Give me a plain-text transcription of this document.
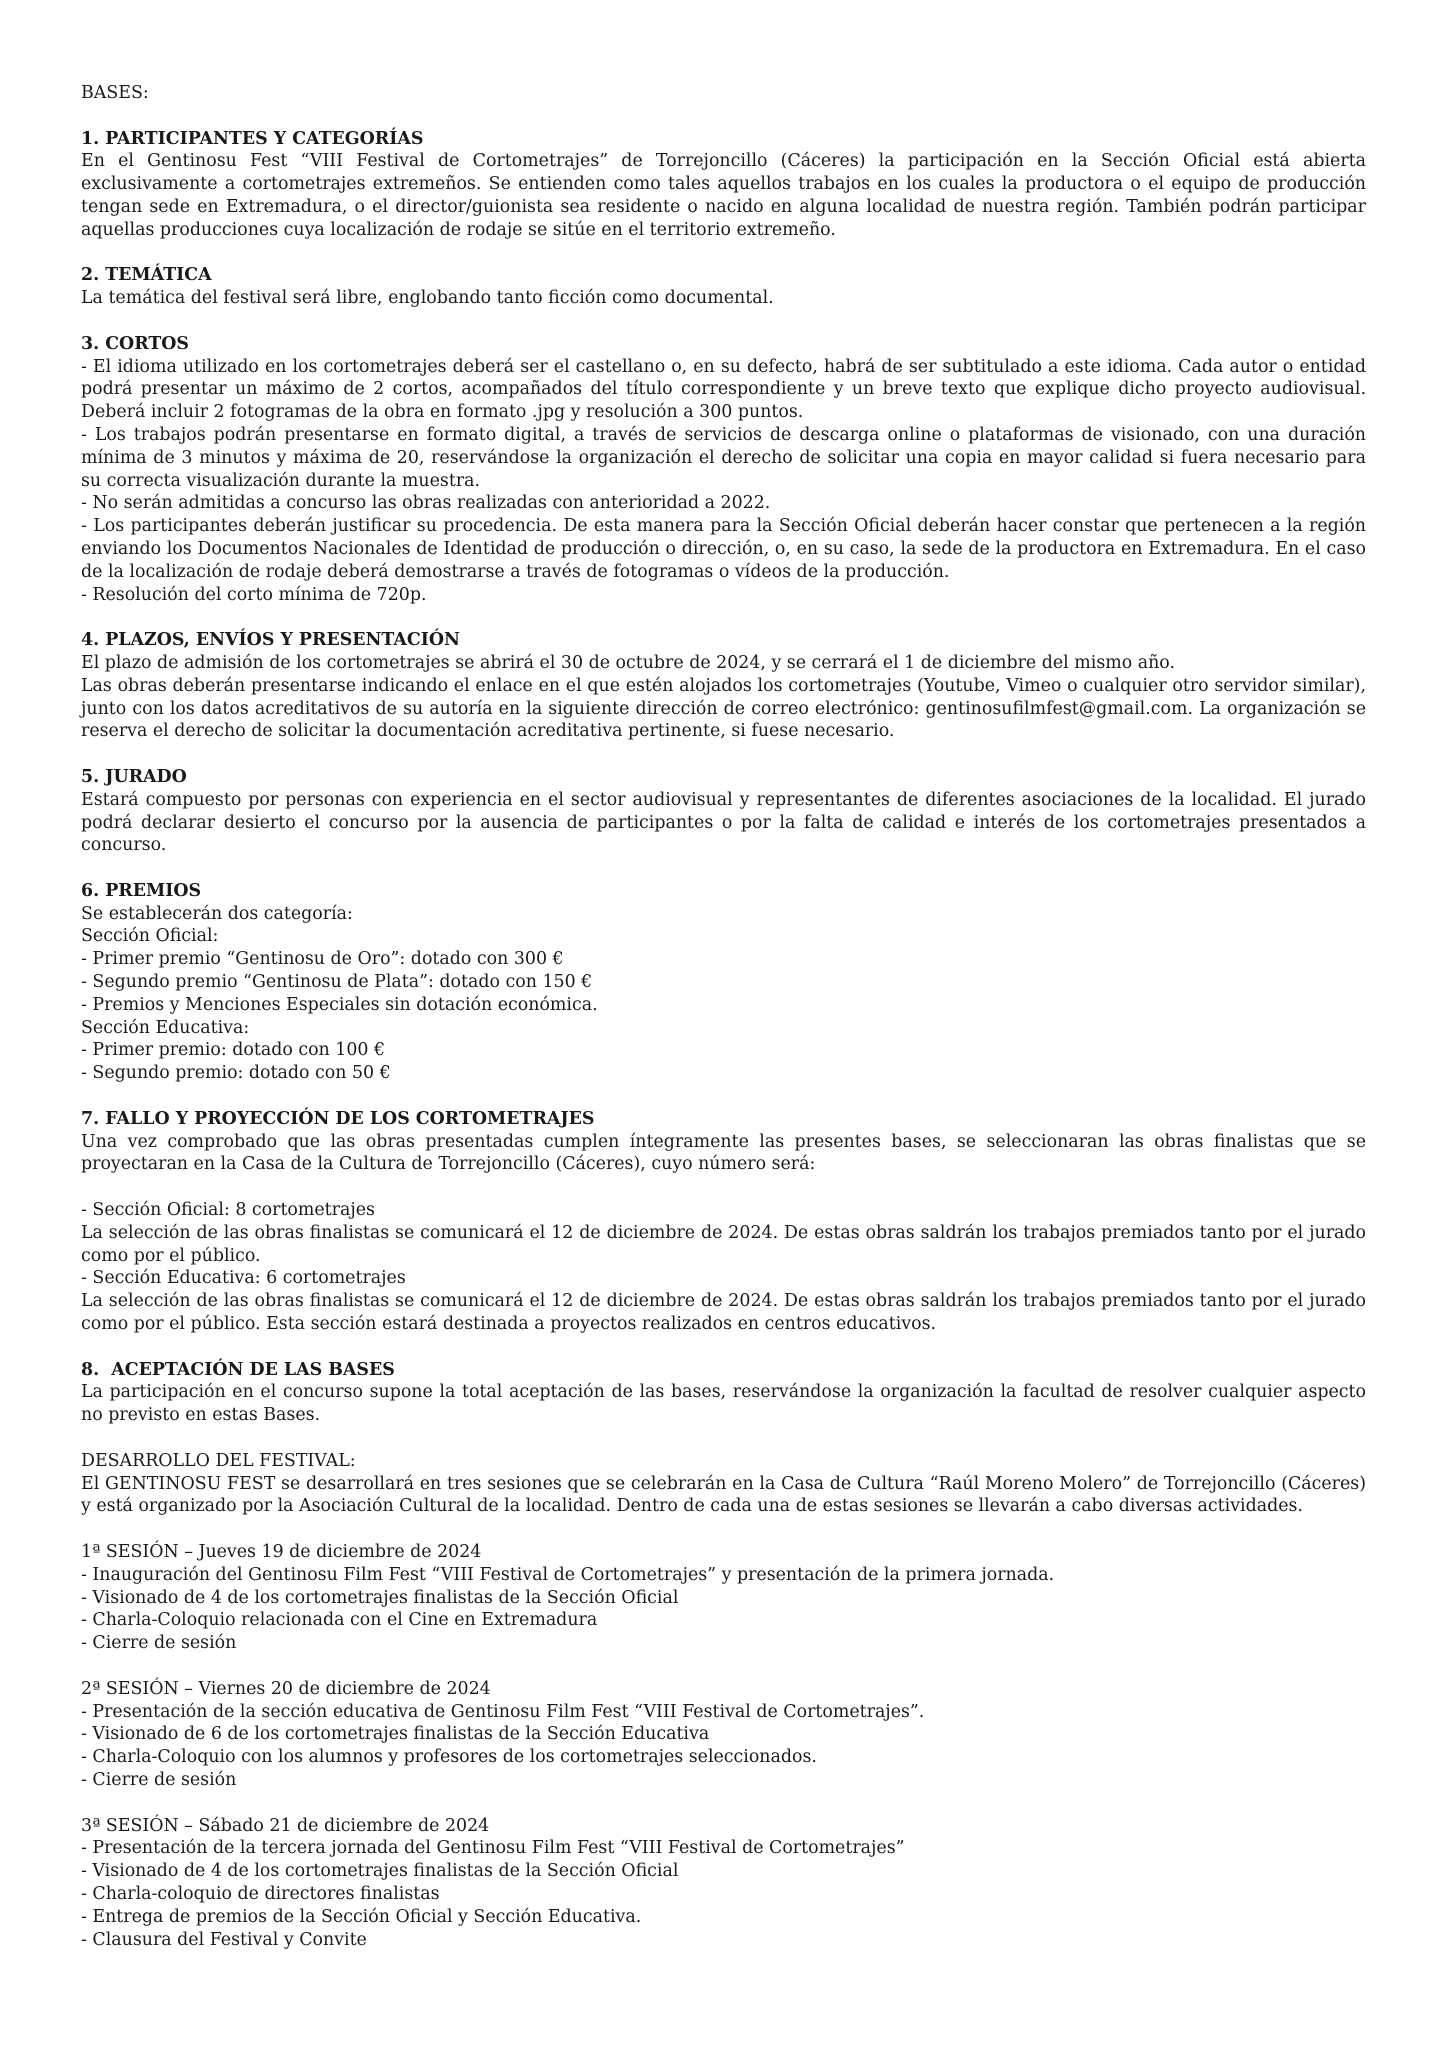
BASES:

1. PARTICIPANTES Y CATEGORÍAS

En el Gentinosu Fest “VIII Festival de Cortometrajes” de Torrejoncillo (Cáceres) la participación en la Sección Oficial está abierta exclusivamente a cortometrajes extremeños. Se entienden como tales aquellos trabajos en los cuales la productora o el equipo de producción tengan sede en Extremadura, o el director/guionista sea residente o nacido en alguna localidad de nuestra región. También podrán participar aquellas producciones cuya localización de rodaje se sitúe en el territorio extremeño.

2. TEMÁTICA

La temática del festival será libre, englobando tanto ficción como documental.

3. CORTOS

- El idioma utilizado en los cortometrajes deberá ser el castellano o, en su defecto, habrá de ser subtitulado a este idioma. Cada autor o entidad podrá presentar un máximo de 2 cortos, acompañados del título correspondiente y un breve texto que explique dicho proyecto audiovisual. Deberá incluir 2 fotogramas de la obra en formato .jpg y resolución a 300 puntos.

- Los trabajos podrán presentarse en formato digital, a través de servicios de descarga online o plataformas de visionado, con una duración mínima de 3 minutos y máxima de 20, reservándose la organización el derecho de solicitar una copia en mayor calidad si fuera necesario para su correcta visualización durante la muestra.

- No serán admitidas a concurso las obras realizadas con anterioridad a 2022.

- Los participantes deberán justificar su procedencia. De esta manera para la Sección Oficial deberán hacer constar que pertenecen a la región enviando los Documentos Nacionales de Identidad de producción o dirección, o, en su caso, la sede de la productora en Extremadura. En el caso de la localización de rodaje deberá demostrarse a través de fotogramas o vídeos de la producción.

- Resolución del corto mínima de 720p.

4. PLAZOS, ENVÍOS Y PRESENTACIÓN

El plazo de admisión de los cortometrajes se abrirá el 30 de octubre de 2024, y se cerrará el 1 de diciembre del mismo año.

Las obras deberán presentarse indicando el enlace en el que estén alojados los cortometrajes (Youtube, Vimeo o cualquier otro servidor similar), junto con los datos acreditativos de su autoría en la siguiente dirección de correo electrónico: gentinosufilmfest@gmail.com. La organización se reserva el derecho de solicitar la documentación acreditativa pertinente, si fuese necesario.

5. JURADO

Estará compuesto por personas con experiencia en el sector audiovisual y representantes de diferentes asociaciones de la localidad. El jurado podrá declarar desierto el concurso por la ausencia de participantes o por la falta de calidad e interés de los cortometrajes presentados a concurso.

6. PREMIOS

Se establecerán dos categoría:

Sección Oficial:

- Primer premio “Gentinosu de Oro”: dotado con 300 €

- Segundo premio “Gentinosu de Plata”: dotado con 150 €

- Premios y Menciones Especiales sin dotación económica.

Sección Educativa:

- Primer premio: dotado con 100 €

- Segundo premio: dotado con 50 €

7. FALLO Y PROYECCIÓN DE LOS CORTOMETRAJES

Una vez comprobado que las obras presentadas cumplen íntegramente las presentes bases, se seleccionaran las obras finalistas que se proyectaran en la Casa de la Cultura de Torrejoncillo (Cáceres), cuyo número será:

- Sección Oficial: 8 cortometrajes

La selección de las obras finalistas se comunicará el 12 de diciembre de 2024. De estas obras saldrán los trabajos premiados tanto por el jurado como por el público.

- Sección Educativa: 6 cortometrajes

La selección de las obras finalistas se comunicará el 12 de diciembre de 2024. De estas obras saldrán los trabajos premiados tanto por el jurado como por el público. Esta sección estará destinada a proyectos realizados en centros educativos.

8.  ACEPTACIÓN DE LAS BASES

La participación en el concurso supone la total aceptación de las bases, reservándose la organización la facultad de resolver cualquier aspecto no previsto en estas Bases.

DESARROLLO DEL FESTIVAL:

El GENTINOSU FEST se desarrollará en tres sesiones que se celebrarán en la Casa de Cultura “Raúl Moreno Molero” de Torrejoncillo (Cáceres) y está organizado por la Asociación Cultural de la localidad. Dentro de cada una de estas sesiones se llevarán a cabo diversas actividades.

1ª SESIÓN – Jueves 19 de diciembre de 2024

- Inauguración del Gentinosu Film Fest “VIII Festival de Cortometrajes” y presentación de la primera jornada.

- Visionado de 4 de los cortometrajes finalistas de la Sección Oficial

- Charla-Coloquio relacionada con el Cine en Extremadura

- Cierre de sesión

2ª SESIÓN – Viernes 20 de diciembre de 2024

- Presentación de la sección educativa de Gentinosu Film Fest “VIII Festival de Cortometrajes”.

- Visionado de 6 de los cortometrajes finalistas de la Sección Educativa

- Charla-Coloquio con los alumnos y profesores de los cortometrajes seleccionados.

- Cierre de sesión

3ª SESIÓN – Sábado 21 de diciembre de 2024

- Presentación de la tercera jornada del Gentinosu Film Fest “VIII Festival de Cortometrajes”

- Visionado de 4 de los cortometrajes finalistas de la Sección Oficial

- Charla-coloquio de directores finalistas

- Entrega de premios de la Sección Oficial y Sección Educativa.

- Clausura del Festival y Convite
